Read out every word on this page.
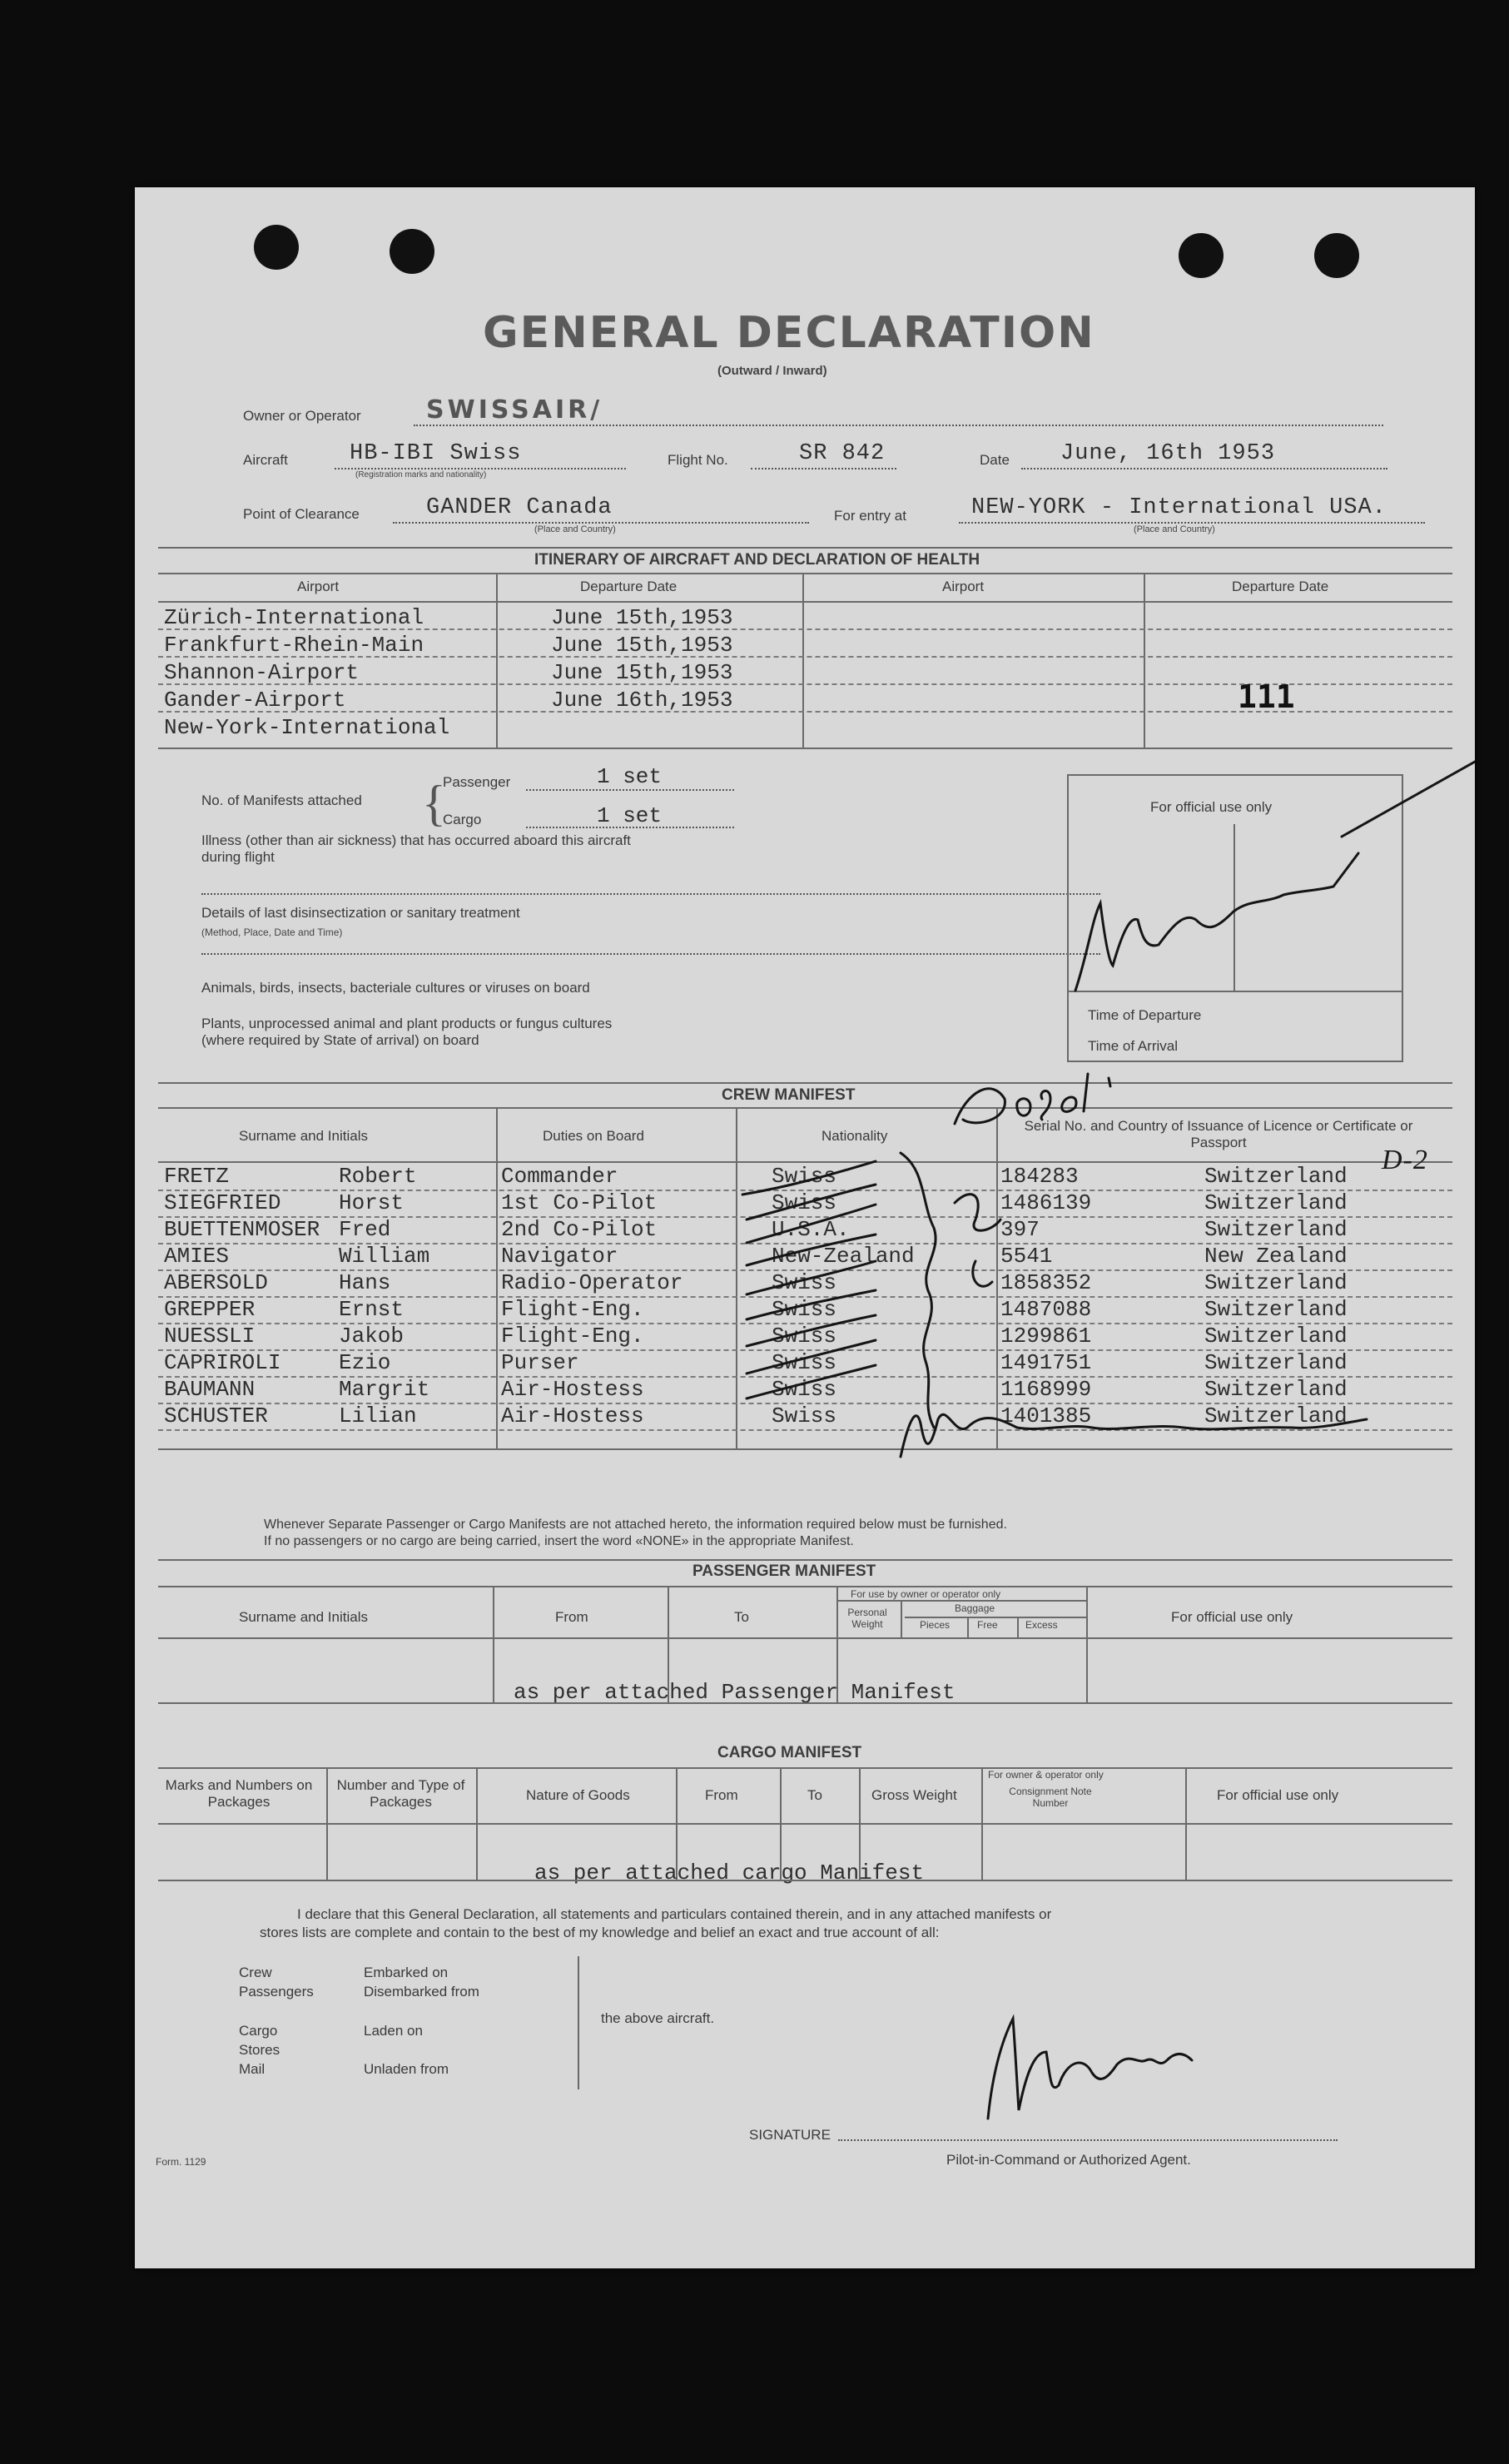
GENERAL DECLARATION
(Outward / Inward)
Owner or Operator	SWISSAIR/
Aircraft	HB-IBI Swiss
(Registration marks and nationality)
Flight No.	SR 842	Date June, 16th 1953
Point of Clearance	GANDER Canada
(Place and Country)
For entry at	NEW-YORK - International USA.
(Place and Country)
ITINERARY OF AIRCRAFT AND DECLARATION OF HEALTH
Airport	Departure Date	Airport	Departure Date
Zürich-International	June 15th,1953
Frankfurt-Rhein-Main	June 15th,1953
Shannon-Airport	June 15th,1953
Gander-Airport	June 16th,1953
New-York-International
111
No. of Manifests attached {
Passenger	1 set
Cargo	1 set
Illness (other than air sickness) that has occurred aboard this aircraft during flight
Details of last disinsectization or sanitary treatment
(Method, Place, Date and Time)
Animals, birds, insects, bacteriale cultures or viruses on board
Plants, unprocessed animal and plant products or fungus cultures (where required by State of arrival) on board
For official use only
Time of Departure
Time of Arrival
CREW MANIFEST
Surname and Initials	Duties on Board	Nationality
Serial No. and Country of Issuance of Licence or Certificate or Passport
FRETZ	Robert	Commander	Swiss	184283	Switzerland
SIEGFRIED	Horst	1st Co-Pilot	Swiss	1486139	Switzerland
BUETTENMOSER Fred	2nd Co-Pilot	U.S.A.	397	Switzerland
AMIES	William	Navigator	New-Zealand	5541	New Zealand
ABERSOLD	Hans	Radio-Operator	Swiss	1858352	Switzerland
GREPPER	Ernst	Flight-Eng.	Swiss	1487088	Switzerland
NUESSLI	Jakob	Flight-Eng.	Swiss	1299861	Switzerland
CAPRIROLI	Ezio	Purser	Swiss	1491751	Switzerland
BAUMANN	Margrit	Air-Hostess	Swiss	1168999	Switzerland
SCHUSTER	Lilian	Air-Hostess	Swiss	1401385	Switzerland
D-2
Whenever Separate Passenger or Cargo Manifests are not attached hereto, the information required below must be furnished.
If no passengers or no cargo are being carried, insert the word «NONE» in the appropriate Manifest.
PASSENGER MANIFEST
Surname and Initials	From	To
For use by owner or operator only
Personal Weight
Baggage
Pieces	Free	Excess	For official use only
as per attached Passenger Manifest
CARGO MANIFEST
Marks and Numbers on Packages
Number and Type of Packages	Nature of Goods	From	To	Gross Weight
For owner & operator only
Consignment Note Number	For official use only
as per attached cargo Manifest
I declare that this General Declaration, all statements and particulars contained therein, and in any attached manifests or
stores lists are complete and contain to the best of my knowledge and belief an exact and true account of all:
Crew
Passengers
Embarked on
Disembarked from
Cargo
Stores
Mail
Laden on
Unladen from
the above aircraft.
SIGNATURE
Pilot-in-Command or Authorized Agent.
Form. 1129
